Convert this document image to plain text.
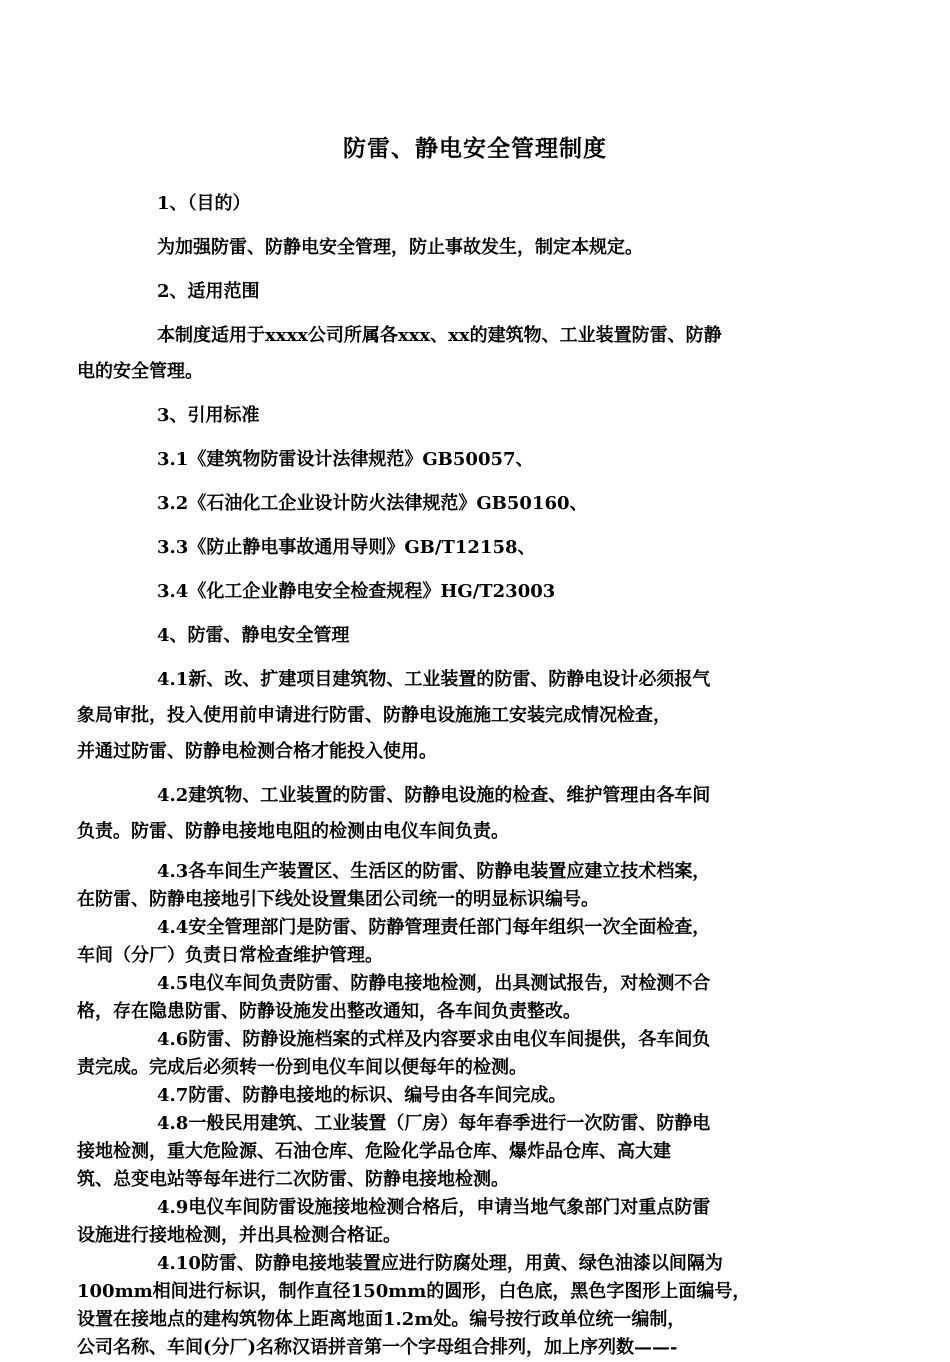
防雷、静电安全管理制度

1、（目的）

为加强防雷、防静电安全管理，防止事故发生，制定本规定。

2、适用范围

本制度适用于xxxx公司所属各xxx、xx的建筑物、工业装置防雷、防静
电的安全管理。

3、引用标准

3.1《建筑物防雷设计法律规范》GB50057、

3.2《石油化工企业设计防火法律规范》GB50160、

3.3《防止静电事故通用导则》GB/T12158、

3.4《化工企业静电安全检查规程》HG/T23003

4、防雷、静电安全管理

4.1新、改、扩建项目建筑物、工业装置的防雷、防静电设计必须报气
象局审批，投入使用前申请进行防雷、防静电设施施工安装完成情况检查，
并通过防雷、防静电检测合格才能投入使用。

4.2建筑物、工业装置的防雷、防静电设施的检查、维护管理由各车间
负责。防雷、防静电接地电阻的检测由电仪车间负责。

4.3各车间生产装置区、生活区的防雷、防静电装置应建立技术档案，
在防雷、防静电接地引下线处设置集团公司统一的明显标识编号。

4.4安全管理部门是防雷、防静管理责任部门每年组织一次全面检查，
车间（分厂）负责日常检查维护管理。

4.5电仪车间负责防雷、防静电接地检测，出具测试报告，对检测不合
格，存在隐患防雷、防静设施发出整改通知，各车间负责整改。

4.6防雷、防静设施档案的式样及内容要求由电仪车间提供，各车间负
责完成。完成后必须转一份到电仪车间以便每年的检测。

4.7防雷、防静电接地的标识、编号由各车间完成。

4.8一般民用建筑、工业装置（厂房）每年春季进行一次防雷、防静电
接地检测，重大危险源、石油仓库、危险化学品仓库、爆炸品仓库、高大建
筑、总变电站等每年进行二次防雷、防静电接地检测。

4.9电仪车间防雷设施接地检测合格后，申请当地气象部门对重点防雷
设施进行接地检测，并出具检测合格证。

4.10防雷、防静电接地装置应进行防腐处理，用黄、绿色油漆以间隔为
100mm相间进行标识，制作直径150mm的圆形，白色底，黑色字图形上面编号，
设置在接地点的建构筑物体上距离地面1.2m处。编号按行政单位统一编制，
公司名称、车间(分厂)名称汉语拼音第一个字母组合排列，加上序列数——-
